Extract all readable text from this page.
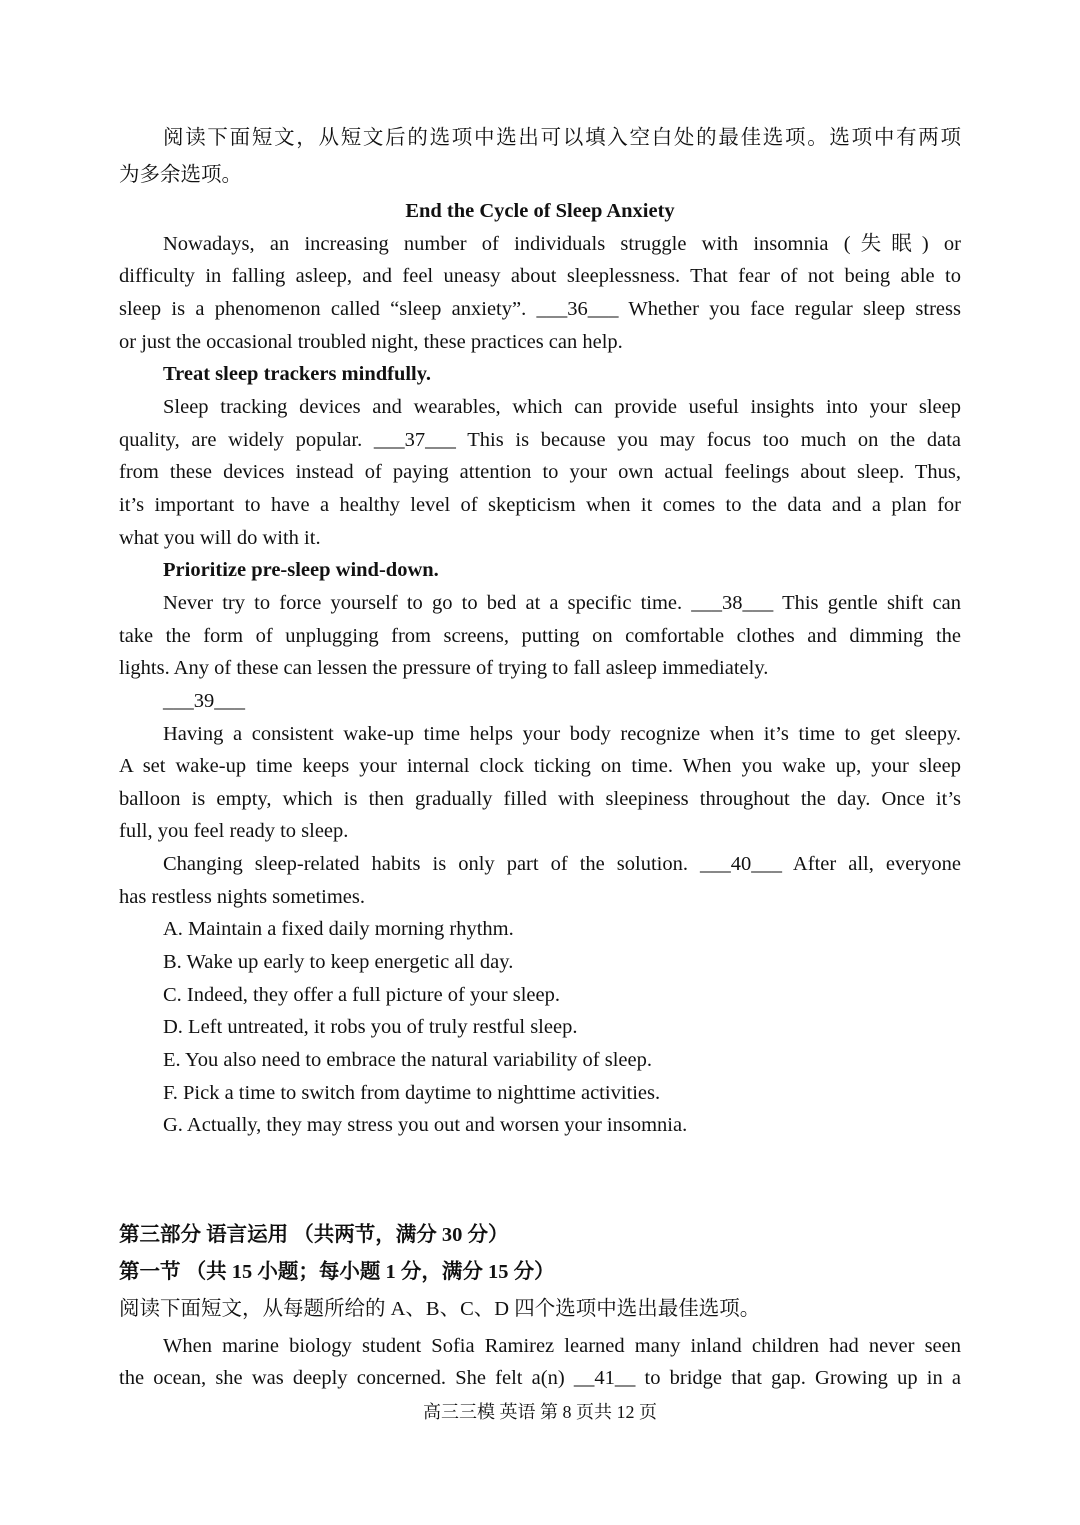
阅读下面短文，从短文后的选项中选出可以填入空白处的最佳选项。选项中有两项
为多余选项。
End the Cycle of Sleep Anxiety
Nowadays, an increasing number of individuals struggle with insomnia (失眠) or
difficulty in falling asleep, and feel uneasy about sleeplessness. That fear of not being able to
sleep is a phenomenon called “sleep anxiety”. ___36___ Whether you face regular sleep stress
or just the occasional troubled night, these practices can help.
Treat sleep trackers mindfully.
Sleep tracking devices and wearables, which can provide useful insights into your sleep
quality, are widely popular. ___37___ This is because you may focus too much on the data
from these devices instead of paying attention to your own actual feelings about sleep. Thus,
it’s important to have a healthy level of skepticism when it comes to the data and a plan for
what you will do with it.
Prioritize pre-sleep wind-down.
Never try to force yourself to go to bed at a specific time. ___38___ This gentle shift can
take the form of unplugging from screens, putting on comfortable clothes and dimming the
lights. Any of these can lessen the pressure of trying to fall asleep immediately.
___39___
Having a consistent wake-up time helps your body recognize when it’s time to get sleepy.
A set wake-up time keeps your internal clock ticking on time. When you wake up, your sleep
balloon is empty, which is then gradually filled with sleepiness throughout the day. Once it’s
full, you feel ready to sleep.
Changing sleep-related habits is only part of the solution. ___40___ After all, everyone
has restless nights sometimes.
A. Maintain a fixed daily morning rhythm.
B. Wake up early to keep energetic all day.
C. Indeed, they offer a full picture of your sleep.
D. Left untreated, it robs you of truly restful sleep.
E. You also need to embrace the natural variability of sleep.
F. Pick a time to switch from daytime to nighttime activities.
G. Actually, they may stress you out and worsen your insomnia.
第三部分 语言运用 （共两节，满分 30 分）
第一节 （共 15 小题；每小题 1 分，满分 15 分）
阅读下面短文，从每题所给的 A、B、C、D 四个选项中选出最佳选项。
When marine biology student Sofia Ramirez learned many inland children had never seen
the ocean, she was deeply concerned. She felt a(n) __41__ to bridge that gap. Growing up in a
高三三模 英语 第 8 页共 12 页
